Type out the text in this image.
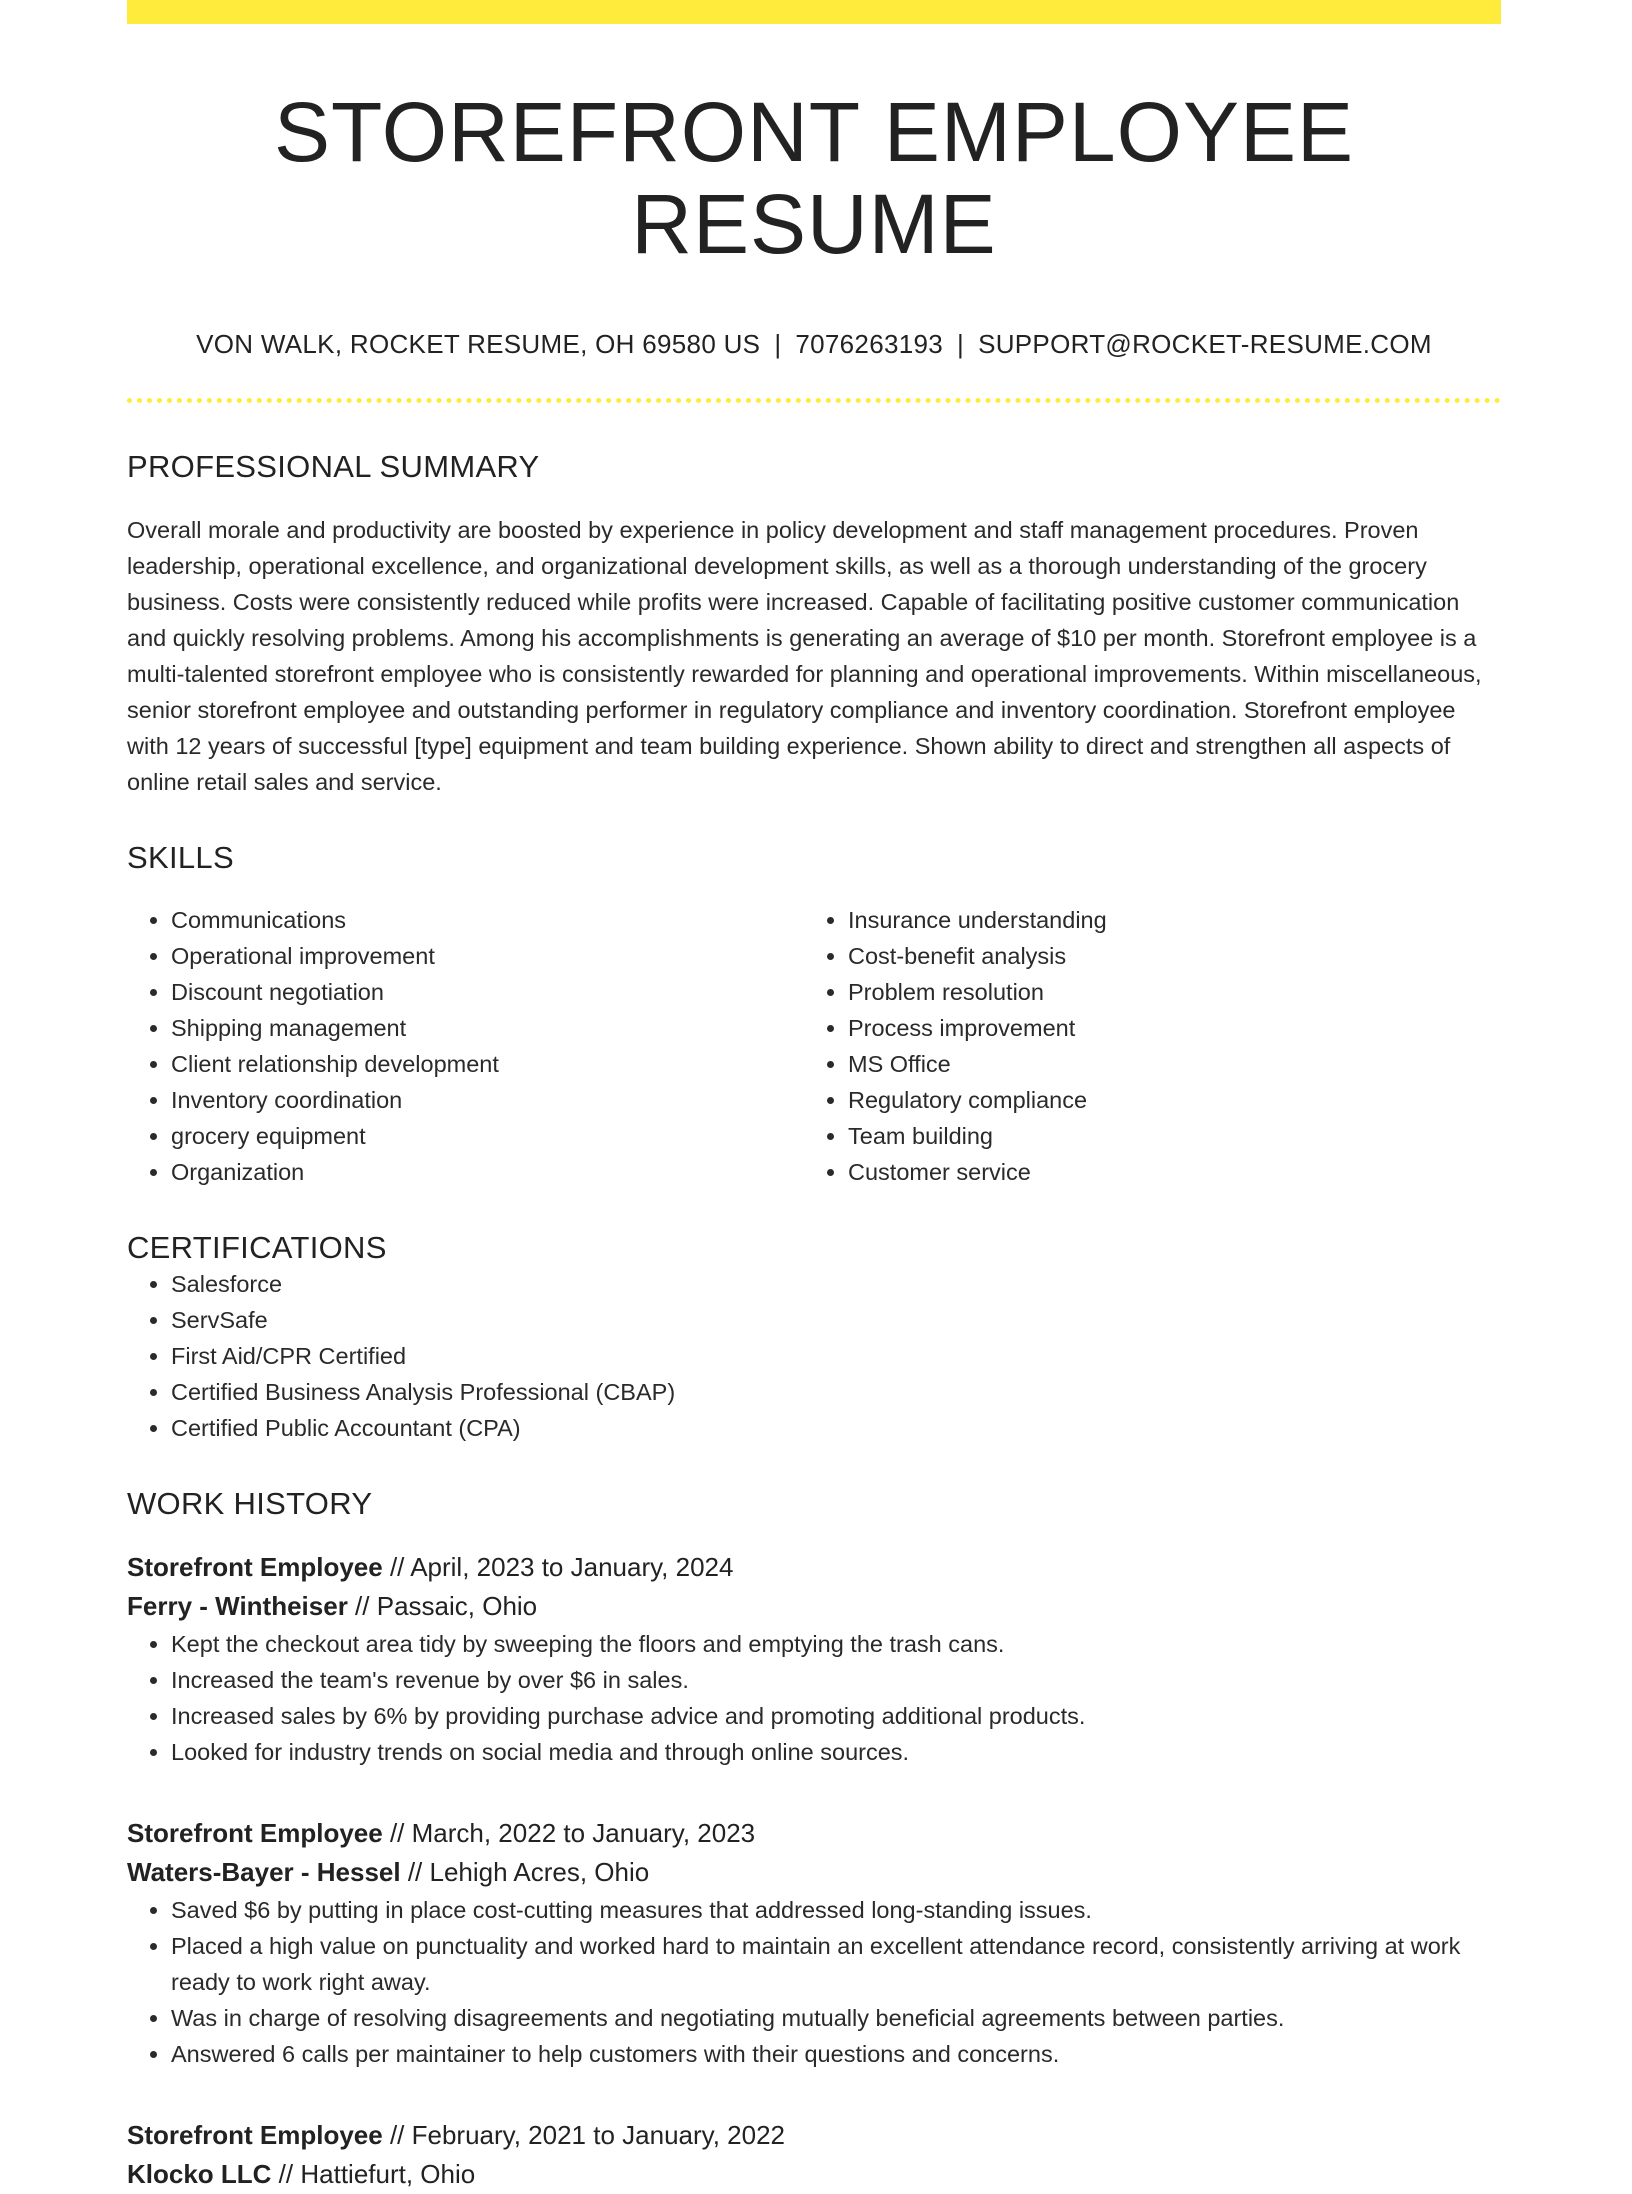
STOREFRONT EMPLOYEE RESUME
VON WALK, ROCKET RESUME, OH 69580 US | 7076263193 | SUPPORT@ROCKET-RESUME.COM
PROFESSIONAL SUMMARY

Overall morale and productivity are boosted by experience in policy development and staff management procedures. Proven leadership, operational excellence, and organizational development skills, as well as a thorough understanding of the grocery business. Costs were consistently reduced while profits were increased. Capable of facilitating positive customer communication and quickly resolving problems. Among his accomplishments is generating an average of $10 per month. Storefront employee is a multi-talented storefront employee who is consistently rewarded for planning and operational improvements. Within miscellaneous, senior storefront employee and outstanding performer in regulatory compliance and inventory coordination. Storefront employee with 12 years of successful [type] equipment and team building experience. Shown ability to direct and strengthen all aspects of online retail sales and service.

SKILLS
• Communications
• Operational improvement
• Discount negotiation
• Shipping management
• Client relationship development
• Inventory coordination
• grocery equipment
• Organization
• Insurance understanding
• Cost-benefit analysis
• Problem resolution
• Process improvement
• MS Office
• Regulatory compliance
• Team building
• Customer service
CERTIFICATIONS
• Salesforce
• ServSafe
• First Aid/CPR Certified
• Certified Business Analysis Professional (CBAP)
• Certified Public Accountant (CPA)
WORK HISTORY
Storefront Employee // April, 2023 to January, 2024
Ferry - Wintheiser // Passaic, Ohio
• Kept the checkout area tidy by sweeping the floors and emptying the trash cans.
• Increased the team's revenue by over $6 in sales.
• Increased sales by 6% by providing purchase advice and promoting additional products.
• Looked for industry trends on social media and through online sources.
Storefront Employee // March, 2022 to January, 2023
Waters-Bayer - Hessel // Lehigh Acres, Ohio
• Saved $6 by putting in place cost-cutting measures that addressed long-standing issues.
• Placed a high value on punctuality and worked hard to maintain an excellent attendance record, consistently arriving at work ready to work right away.
• Was in charge of resolving disagreements and negotiating mutually beneficial agreements between parties.
• Answered 6 calls per maintainer to help customers with their questions and concerns.
Storefront Employee // February, 2021 to January, 2022
Klocko LLC // Hattiefurt, Ohio
